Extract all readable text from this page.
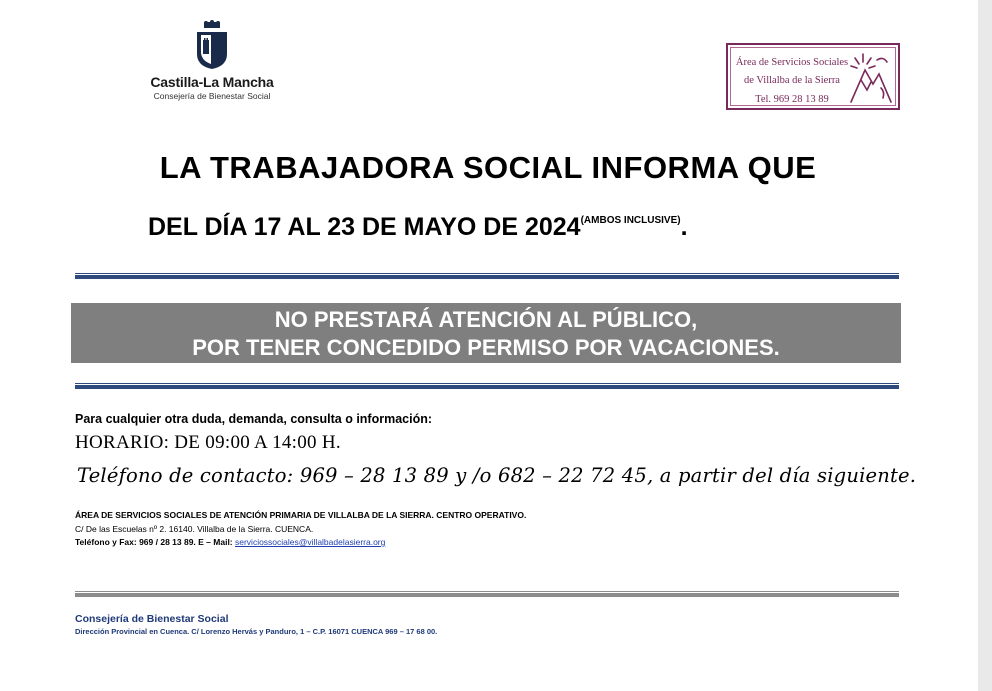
Castilla-La Mancha
Consejería de Bienestar Social
Área de Servicios Sociales
de Villalba de la Sierra
Tel. 969 28 13 89
LA TRABAJADORA SOCIAL INFORMA QUE
DEL DÍA 17 AL 23 DE MAYO DE $2024^{(AMBOS INCLUSIVE)}$.
NO PRESTARÁ ATENCIÓN AL PÚBLICO,
POR TENER CONCEDIDO PERMISO POR VACACIONES.
Para cualquier otra duda, demanda, consulta o información:
HORARIO: DE 09:00 A 14:00 H.
Teléfono de contacto: 969 – 28 13 89 y /o 682 – 22 72 45, a partir del día siguiente.
ÁREA DE SERVICIOS SOCIALES DE ATENCIÓN PRIMARIA DE VILLALBA DE LA SIERRA. CENTRO OPERATIVO.
C/ De las Escuelas nº 2. 16140. Villalba de la Sierra. CUENCA.
Teléfono y Fax: 969 / 28 13 89. E – Mail: serviciossociales@villalbadelasierra.org
Consejería de Bienestar Social
Dirección Provincial en Cuenca. C/ Lorenzo Hervás y Panduro, 1 – C.P. 16071 CUENCA 969 – 17 68 00.
